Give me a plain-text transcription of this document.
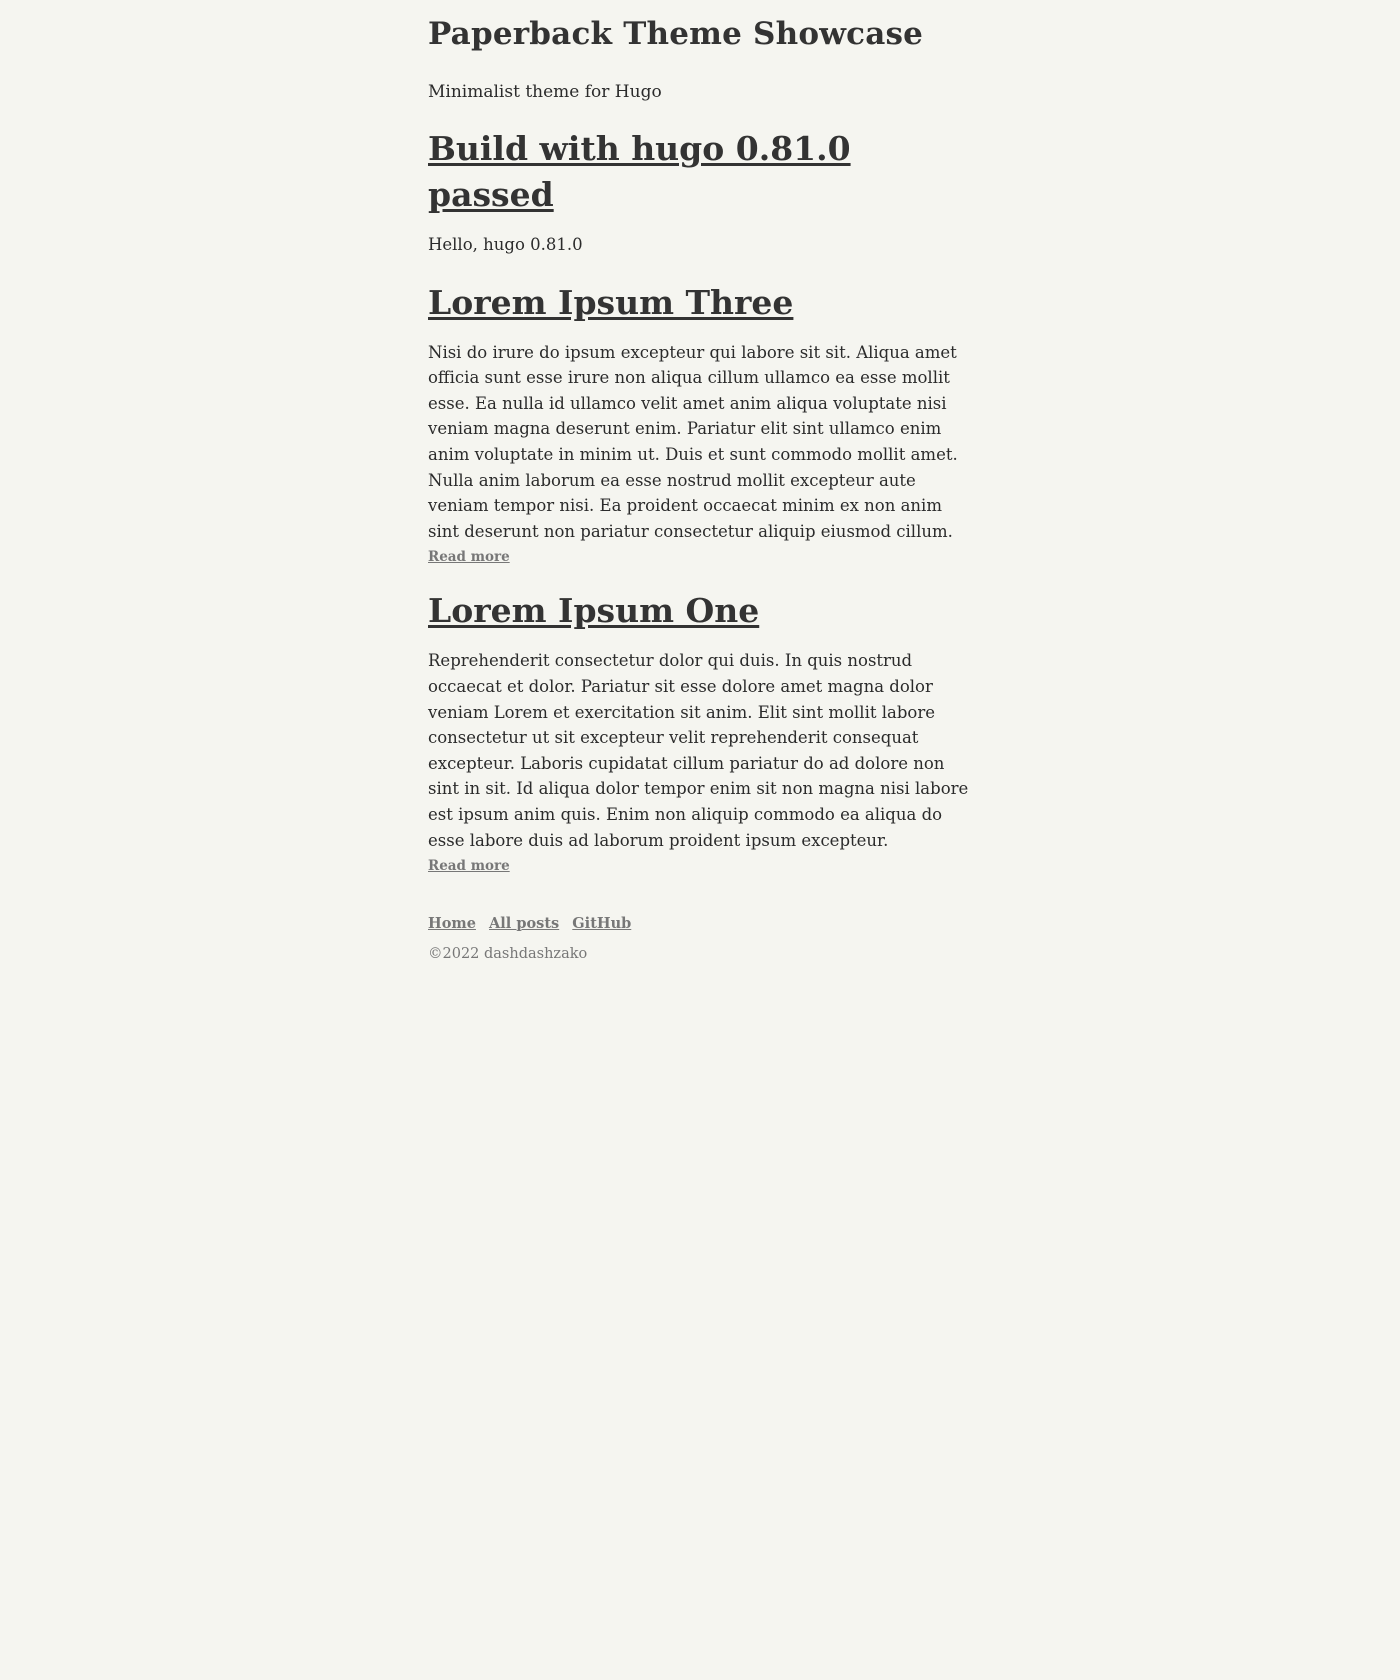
Paperback Theme Showcase

Minimalist theme for Hugo

Build with hugo 0.81.0 passed

Hello, hugo 0.81.0

Lorem Ipsum Three

Nisi do irure do ipsum excepteur qui labore sit sit. Aliqua amet officia sunt esse irure non aliqua cillum ullamco ea esse mollit esse. Ea nulla id ullamco velit amet anim aliqua voluptate nisi veniam magna deserunt enim. Pariatur elit sint ullamco enim anim voluptate in minim ut. Duis et sunt commodo mollit amet. Nulla anim laborum ea esse nostrud mollit excepteur aute veniam tempor nisi. Ea proident occaecat minim ex non anim sint deserunt non pariatur consectetur aliquip eiusmod cillum.

Read more
Lorem Ipsum One

Reprehenderit consectetur dolor qui duis. In quis nostrud occaecat et dolor. Pariatur sit esse dolore amet magna dolor veniam Lorem et exercitation sit anim. Elit sint mollit labore consectetur ut sit excepteur velit reprehenderit consequat excepteur. Laboris cupidatat cillum pariatur do ad dolore non sint in sit. Id aliqua dolor tempor enim sit non magna nisi labore est ipsum anim quis. Enim non aliquip commodo ea aliqua do esse labore duis ad laborum proident ipsum excepteur.

Read more
Home All posts GitHub
©2022 dashdashzako
